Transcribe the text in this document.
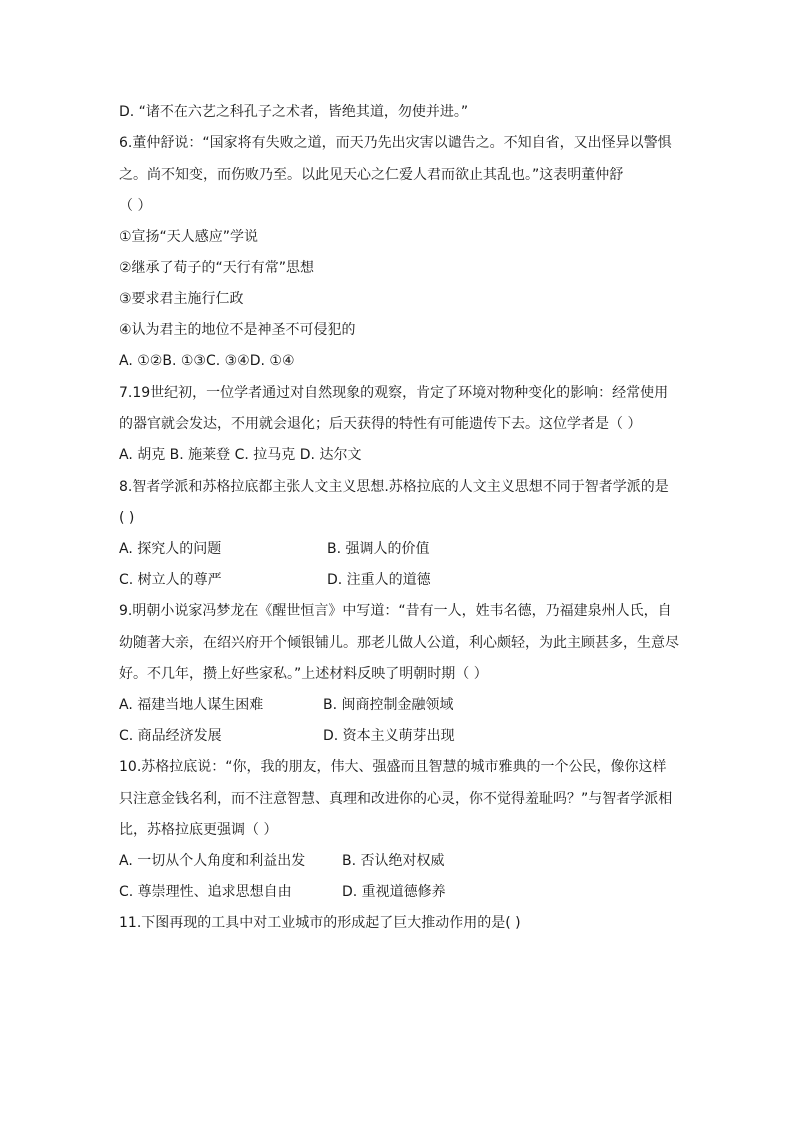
D. “诸不在六艺之科孔子之术者，皆绝其道，勿使并进。”
6.董仲舒说：“国家将有失败之道，而天乃先出灾害以谴告之。不知自省，又出怪异以警惧
之。尚不知变，而伤败乃至。以此见天心之仁爱人君而欲止其乱也。”这表明董仲舒
（ ）
①宣扬“天人感应”学说
②继承了荀子的“天行有常”思想
③要求君主施行仁政
④认为君主的地位不是神圣不可侵犯的
A. ①②B. ①③C. ③④D. ①④
7.19世纪初，一位学者通过对自然现象的观察，肯定了环境对物种变化的影响：经常使用
的器官就会发达，不用就会退化；后天获得的特性有可能遗传下去。这位学者是（ ）
A. 胡克 B. 施莱登 C. 拉马克 D. 达尔文
8.智者学派和苏格拉底都主张人文主义思想.苏格拉底的人文主义思想不同于智者学派的是
( )
A. 探究人的问题	B. 强调人的价值
C. 树立人的尊严	D. 注重人的道德
9.明朝小说家冯梦龙在《醒世恒言》中写道：“昔有一人，姓韦名德，乃福建泉州人氏，自
幼随著大亲，在绍兴府开个倾银铺儿。那老儿做人公道，利心颇轻，为此主顾甚多，生意尽
好。不几年，攒上好些家私。”上述材料反映了明朝时期（ ）
A. 福建当地人谋生困难	B. 闽商控制金融领域
C. 商品经济发展	D. 资本主义萌芽出现
10.苏格拉底说：“你，我的朋友，伟大、强盛而且智慧的城市雅典的一个公民，像你这样
只注意金钱名利，而不注意智慧、真理和改进你的心灵，你不觉得羞耻吗？”与智者学派相
比，苏格拉底更强调（ ）
A. 一切从个人角度和利益出发	B. 否认绝对权威
C. 尊崇理性、追求思想自由	D. 重视道德修养
11.下图再现的工具中对工业城市的形成起了巨大推动作用的是( )
